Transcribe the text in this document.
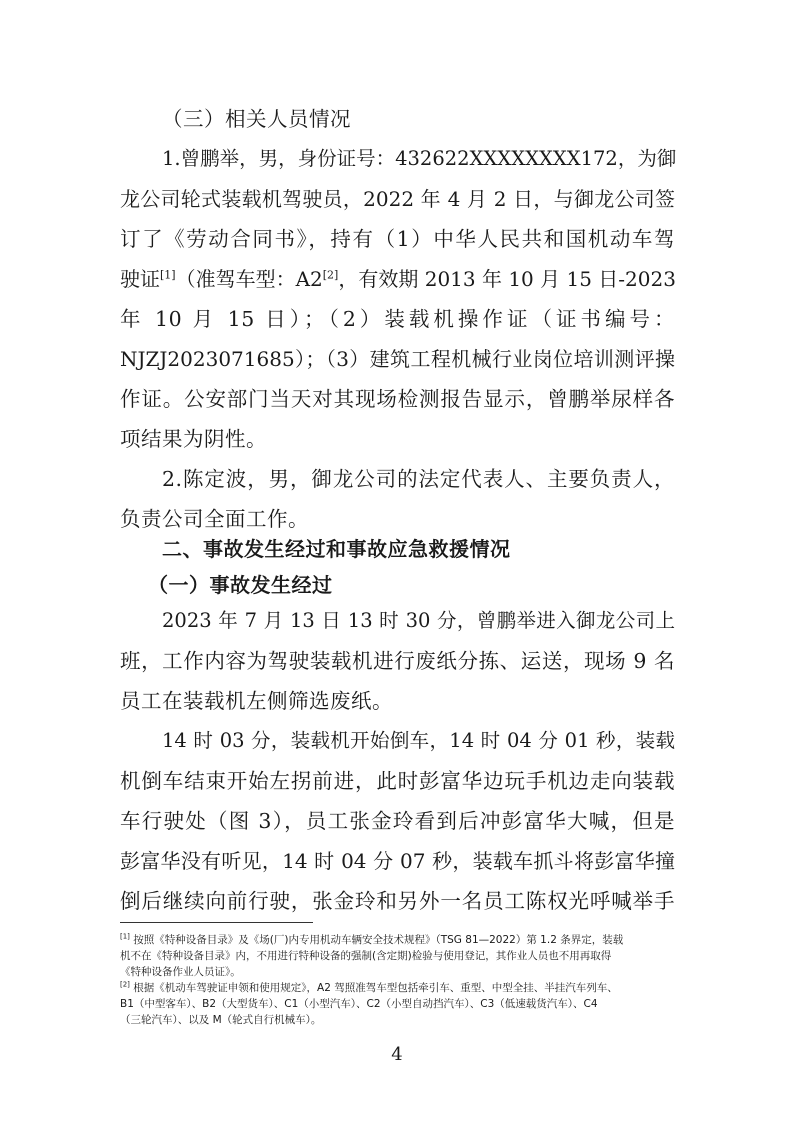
（三）相关人员情况
1.曾鹏举，男，身份证号：432622XXXXXXXX172，为御
龙公司轮式装载机驾驶员，2022 年 4 月 2 日，与御龙公司签
订了《劳动合同书》，持有（1）中华人民共和国机动车驾
驶证[1]（准驾车型：A2[2]，有效期 2013 年 10 月 15 日-2023
年 10 月 15 日）；（2）装载机操作证（证书编号：
NJZJ2023071685）；（3）建筑工程机械行业岗位培训测评操
作证。公安部门当天对其现场检测报告显示，曾鹏举尿样各
项结果为阴性。
2.陈定波，男，御龙公司的法定代表人、主要负责人，
负责公司全面工作。
二、事故发生经过和事故应急救援情况
（一）事故发生经过
2023 年 7 月 13 日 13 时 30 分，曾鹏举进入御龙公司上
班，工作内容为驾驶装载机进行废纸分拣、运送，现场 9 名
员工在装载机左侧筛选废纸。
14 时 03 分，装载机开始倒车，14 时 04 分 01 秒，装载
机倒车结束开始左拐前进，此时彭富华边玩手机边走向装载
车行驶处（图 3），员工张金玲看到后冲彭富华大喊，但是
彭富华没有听见，14 时 04 分 07 秒，装载车抓斗将彭富华撞
倒后继续向前行驶，张金玲和另外一名员工陈权光呼喊举手
[1] 按照《特种设备目录》及《场(厂)内专用机动车辆安全技术规程》（TSG 81—2022）第 1.2 条界定，装载
机不在《特种设备目录》内，不用进行特种设备的强制(含定期)检验与使用登记，其作业人员也不用再取得
《特种设备作业人员证》。
[2] 根据《机动车驾驶证申领和使用规定》，A2 驾照准驾车型包括牵引车、重型、中型全挂、半挂汽车列车、
B1（中型客车）、B2（大型货车）、C1（小型汽车）、C2（小型自动挡汽车）、C3（低速载货汽车）、C4
（三轮汽车）、以及 M（轮式自行机械车）。
4
